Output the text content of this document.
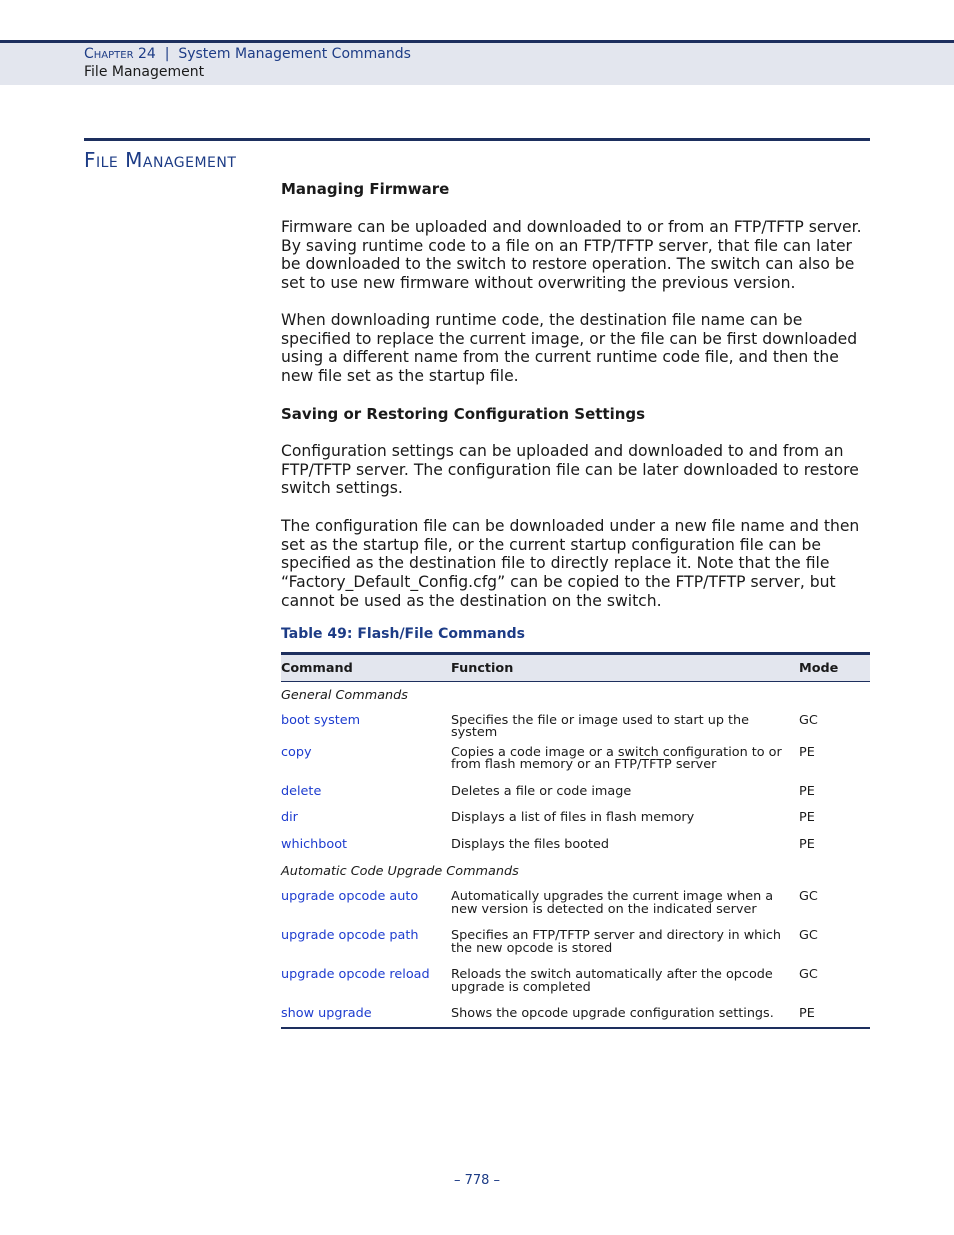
Chapter 24 | System Management Commands
File Management
File Management
Managing Firmware

Firmware can be uploaded and downloaded to or from an FTP/TFTP server. By saving runtime code to a file on an FTP/TFTP server, that file can later be downloaded to the switch to restore operation. The switch can also be set to use new firmware without overwriting the previous version.

When downloading runtime code, the destination file name can be specified to replace the current image, or the file can be first downloaded using a different name from the current runtime code file, and then the new file set as the startup file.

Saving or Restoring Configuration Settings

Configuration settings can be uploaded and downloaded to and from an FTP/TFTP server. The configuration file can be later downloaded to restore switch settings.

The configuration file can be downloaded under a new file name and then set as the startup file, or the current startup configuration file can be specified as the destination file to directly replace it. Note that the file “Factory_Default_Config.cfg” can be copied to the FTP/TFTP server, but cannot be used as the destination on the switch.

Table 49: Flash/File Commands
Command	Function	Mode
General Commands		
boot system	Specifies the file or image used to start up the system	GC
copy	Copies a code image or a switch configuration to or from flash memory or an FTP/TFTP server	PE
delete	Deletes a file or code image	PE
dir	Displays a list of files in flash memory	PE
whichboot	Displays the files booted	PE
Automatic Code Upgrade Commands		
upgrade opcode auto	Automatically upgrades the current image when a new version is detected on the indicated server	GC
upgrade opcode path	Specifies an FTP/TFTP server and directory in which the new opcode is stored	GC
upgrade opcode reload	Reloads the switch automatically after the opcode upgrade is completed	GC
show upgrade	Shows the opcode upgrade configuration settings.	PE
– 778 –
